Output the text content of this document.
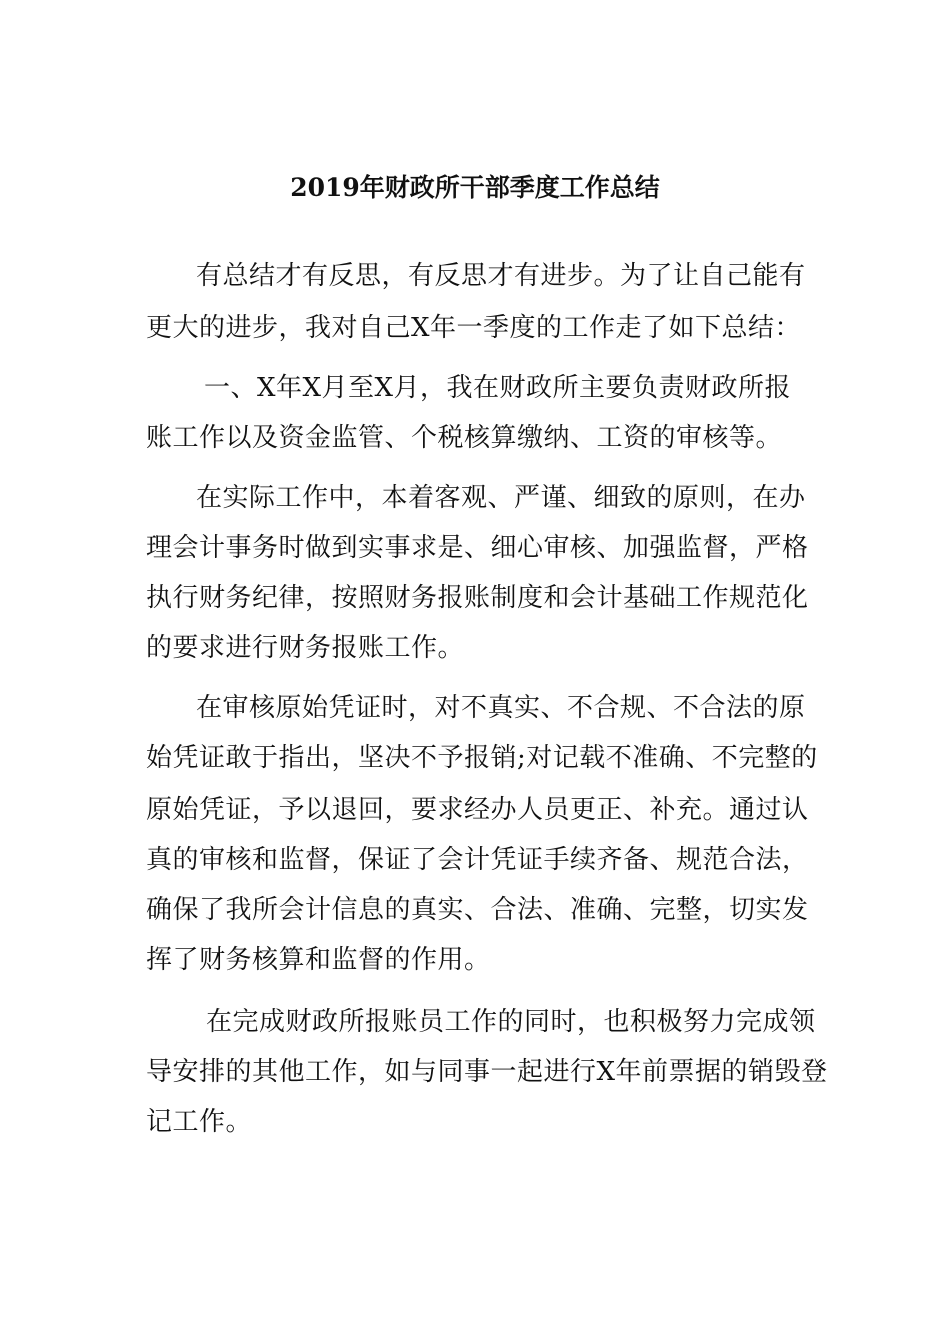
2019年财政所干部季度工作总结
有总结才有反思，有反思才有进步。为了让自己能有
更大的进步，我对自己X年一季度的工作走了如下总结：
一、X年X月至X月，我在财政所主要负责财政所报
账工作以及资金监管、个税核算缴纳、工资的审核等。
在实际工作中，本着客观、严谨、细致的原则，在办
理会计事务时做到实事求是、细心审核、加强监督，严格
执行财务纪律，按照财务报账制度和会计基础工作规范化
的要求进行财务报账工作。
在审核原始凭证时，对不真实、不合规、不合法的原
始凭证敢于指出，坚决不予报销;对记载不准确、不完整的
原始凭证，予以退回，要求经办人员更正、补充。通过认
真的审核和监督，保证了会计凭证手续齐备、规范合法，
确保了我所会计信息的真实、合法、准确、完整，切实发
挥了财务核算和监督的作用。
在完成财政所报账员工作的同时，也积极努力完成领
导安排的其他工作，如与同事一起进行X年前票据的销毁登
记工作。
